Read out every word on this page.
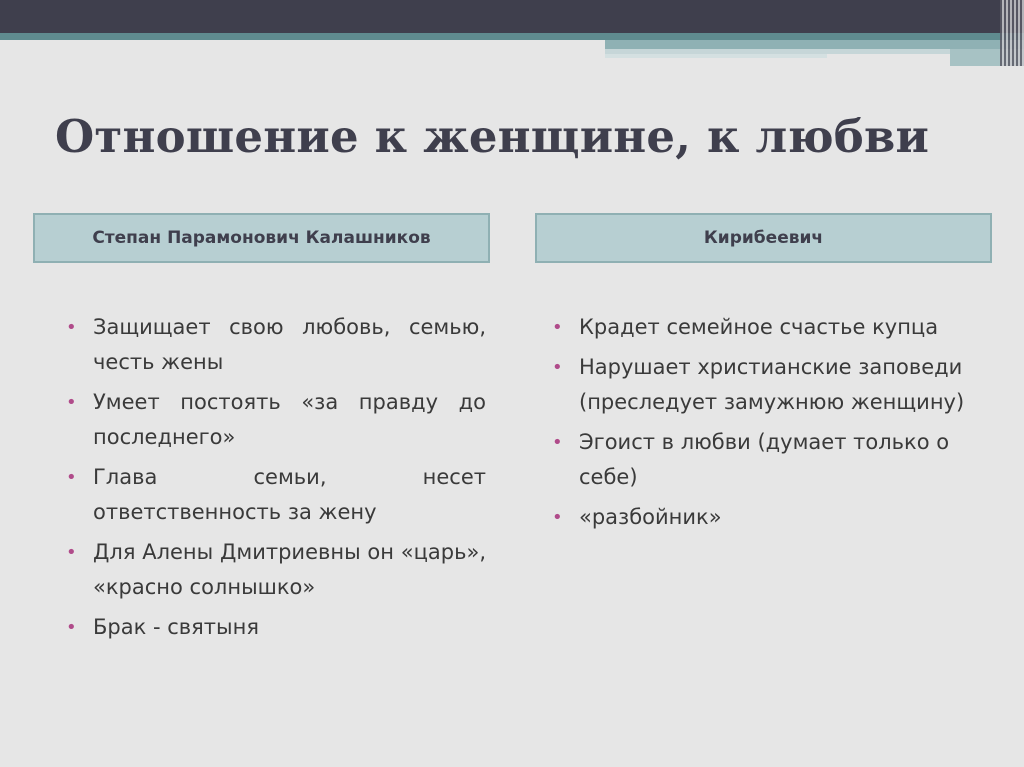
Отношение к женщине, к любви
Степан Парамонович Калашников	Кирибеевич
• Защищает свою любовь, семью, честь жены
• Умеет постоять «за правду до последнего»
• Глава семьи, несет ответственность за жену
• Для Алены Дмитриевны он «царь», «красно солнышко»
• Брак - святыня
• Крадет семейное счастье купца
• Нарушает христианские заповеди (преследует замужнюю женщину)
• Эгоист в любви (думает только о себе)
• «разбойник»
